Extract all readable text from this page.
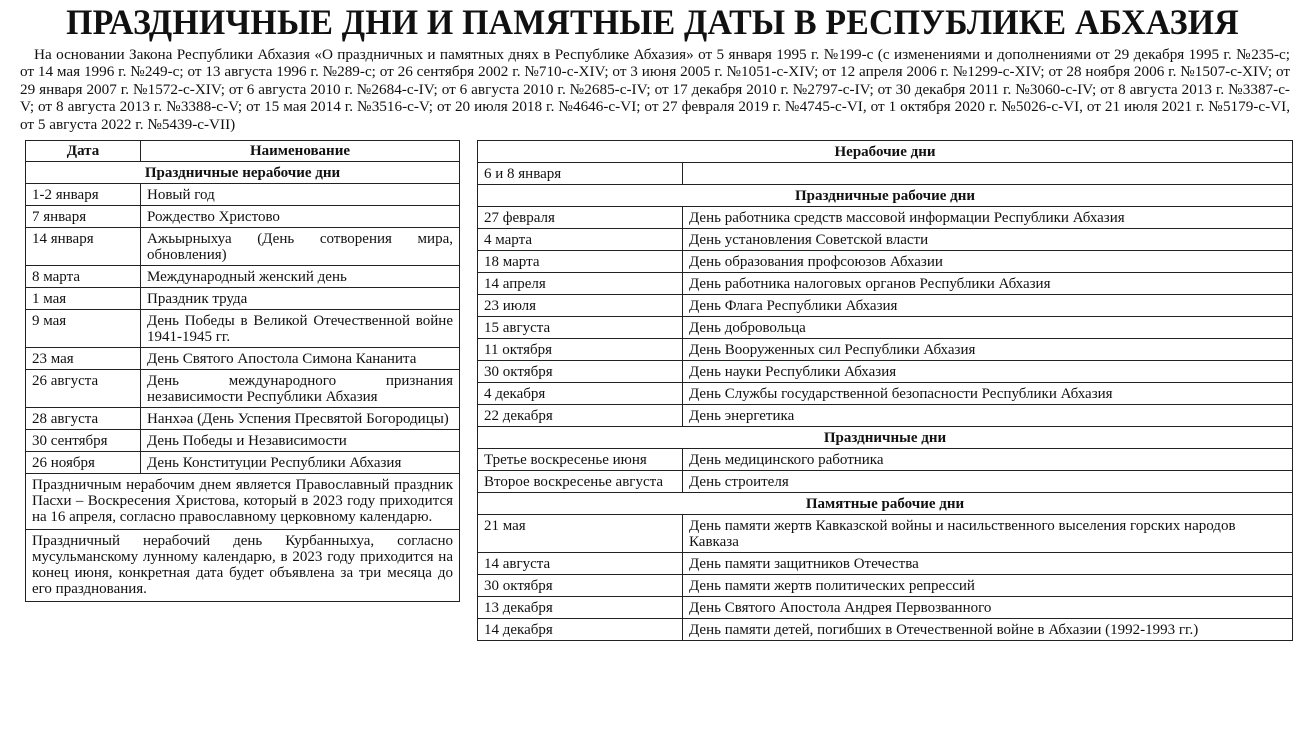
ПРАЗДНИЧНЫЕ ДНИ И ПАМЯТНЫЕ ДАТЫ В РЕСПУБЛИКЕ АБХАЗИЯ
На основании Закона Республики Абхазия «О праздничных и памятных днях в Республике Абхазия» от 5 января 1995 г. №199-с (с изменениями и дополнениями от 29 декабря 1995 г. №235-с; от 14 мая 1996 г. №249-с; от 13 августа 1996 г. №289-с; от 26 сентября 2002 г. №710-с-XIV; от 3 июня 2005 г. №1051-с-XIV; от 12 апреля 2006 г. №1299-с-XIV; от 28 ноября 2006 г. №1507-с-XIV; от 29 января 2007 г. №1572-с-XIV; от 6 августа 2010 г. №2684-с-IV; от 6 августа 2010 г. №2685-с-IV; от 17 декабря 2010 г. №2797-с-IV; от 30 декабря 2011 г. №3060-с-IV; от 8 августа 2013 г. №3387-с-V; от 8 августа 2013 г. №3388-с-V; от 15 мая 2014 г. №3516-с-V; от 20 июля 2018 г. №4646-с-VI; от 27 февраля 2019 г. №4745-с-VI, от 1 октября 2020 г. №5026-с-VI, от 21 июля 2021 г. №5179-с-VI, от 5 августа 2022 г. №5439-с-VII)
Дата	Наименование
Праздничные нерабочие дни	
1-2 января	Новый год
7 января	Рождество Христово
14 января	Ажьырныхуа (День сотворения мира, обновления)
8 марта	Международный женский день
1 мая	Праздник труда
9 мая	День Победы в Великой Отечественной войне 1941-1945 гг.
23 мая	День Святого Апостола Симона Кананита
26 августа	День международного признания независимости Республики Абхазия
28 августа	Нанхәа (День Успения Пресвятой Богородицы)
30 сентября	День Победы и Независимости
26 ноября	День Конституции Республики Абхазия
Праздничным нерабочим днем является Православный праздник Пасхи – Воскресения Христова, который в 2023 году приходится на 16 апреля, согласно православному церковному календарю.	
Праздничный нерабочий день Курбанныхуа, согласно мусульманскому лунному календарю, в 2023 году приходится на конец июня, конкретная дата будет объявлена за три месяца до его празднования.	
Нерабочие дни	
6 и 8 января	
Праздничные рабочие дни	
27 февраля	День работника средств массовой информации Республики Абхазия
4 марта	День установления Советской власти
18 марта	День образования профсоюзов Абхазии
14 апреля	День работника налоговых органов Республики Абхазия
23 июля	День Флага Республики Абхазия
15 августа	День добровольца
11 октября	День Вооруженных сил Республики Абхазия
30 октября	День науки Республики Абхазия
4 декабря	День Службы государственной безопасности Республики Абхазия
22 декабря	День энергетика
Праздничные дни	
Третье воскресенье июня	День медицинского работника
Второе воскресенье августа	День строителя
Памятные рабочие дни	
21 мая	День памяти жертв Кавказской войны и насильственного выселения горских народов Кавказа
14 августа	День памяти защитников Отечества
30 октября	День памяти жертв политических репрессий
13 декабря	День Святого Апостола Андрея Первозванного
14 декабря	День памяти детей, погибших в Отечественной войне в Абхазии (1992-1993 гг.)
